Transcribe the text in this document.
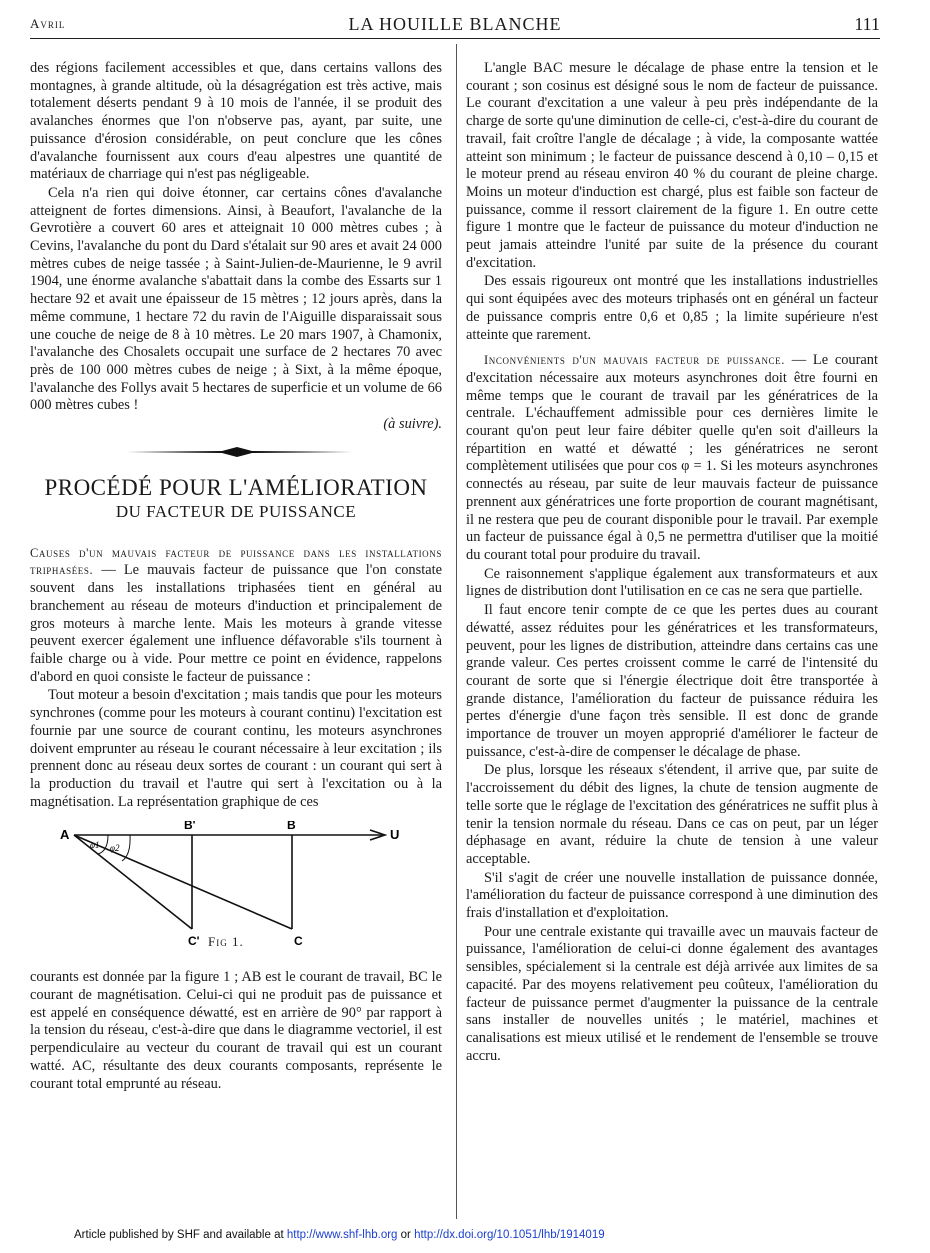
Avril	LA HOUILLE BLANCHE	111

des régions facilement accessibles et que, dans certains vallons des montagnes, à grande altitude, où la désagrégation est très active, mais totalement déserts pendant 9 à 10 mois de l'année, il se produit des avalanches énormes que l'on n'observe pas, ayant, par suite, une puissance d'érosion considérable, on peut conclure que les cônes d'avalanche fournissent aux cours d'eau alpestres une quantité de matériaux de charriage qui n'est pas négligeable.

Cela n'a rien qui doive étonner, car certains cônes d'avalanche atteignent de fortes dimensions. Ainsi, à Beaufort, l'avalanche de la Gevrotière a couvert 60 ares et atteignait 10 000 mètres cubes ; à Cevins, l'avalanche du pont du Dard s'étalait sur 90 ares et avait 24 000 mètres cubes de neige tassée ; à Saint-Julien-de-Maurienne, le 9 avril 1904, une énorme avalanche s'abattait dans la combe des Essarts sur 1 hectare 92 et avait une épaisseur de 15 mètres ; 12 jours après, dans la même commune, 1 hectare 72 du ravin de l'Aiguille disparaissait sous une couche de neige de 8 à 10 mètres. Le 20 mars 1907, à Chamonix, l'avalanche des Chosalets occupait une surface de 2 hectares 70 avec près de 100 000 mètres cubes de neige ; à Sixt, à la même époque, l'avalanche des Follys avait 5 hectares de superficie et un volume de 66 000 mètres cubes !

(à suivre).

PROCÉDÉ POUR L'AMÉLIORATION
DU FACTEUR DE PUISSANCE

Causes d'un mauvais facteur de puissance dans les installations triphasées. — Le mauvais facteur de puissance que l'on constate souvent dans les installations triphasées tient en général au branchement au réseau de moteurs d'induction et principalement de gros moteurs à marche lente. Mais les moteurs à grande vitesse peuvent exercer également une influence défavorable s'ils tournent à faible charge ou à vide. Pour mettre ce point en évidence, rappelons d'abord en quoi consiste le facteur de puissance :

Tout moteur a besoin d'excitation ; mais tandis que pour les moteurs synchrones (comme pour les moteurs à courant continu) l'excitation est fournie par une source de courant continu, les moteurs asynchrones doivent emprunter au réseau le courant nécessaire à leur excitation ; ils prennent donc au réseau deux sortes de courant : un courant qui sert à la production du travail et l'autre qui sert à l'excitation ou à la magnétisation. La représentation graphique de ces

A
B'	B
U
C'	C
φ1 φ2
Fig 1.

courants est donnée par la figure 1 ; AB est le courant de travail, BC le courant de magnétisation. Celui-ci qui ne produit pas de puissance et est appelé en conséquence déwatté, est en arrière de 90° par rapport à la tension du réseau, c'est-à-dire que dans le diagramme vectoriel, il est perpendiculaire au vecteur du courant de travail qui est un courant watté. AC, résultante des deux courants composants, représente le courant total emprunté au réseau.

L'angle BAC mesure le décalage de phase entre la tension et le courant ; son cosinus est désigné sous le nom de facteur de puissance. Le courant d'excitation a une valeur à peu près indépendante de la charge de sorte qu'une diminution de celle-ci, c'est-à-dire du courant de travail, fait croître l'angle de décalage ; à vide, la composante wattée atteint son minimum ; le facteur de puissance descend à 0,10 – 0,15 et le moteur prend au réseau environ 40 % du courant de pleine charge. Moins un moteur d'induction est chargé, plus est faible son facteur de puissance, comme il ressort clairement de la figure 1. En outre cette figure 1 montre que le facteur de puissance du moteur d'induction ne peut jamais atteindre l'unité par suite de la présence du courant d'excitation.

Des essais rigoureux ont montré que les installations industrielles qui sont équipées avec des moteurs triphasés ont en général un facteur de puissance compris entre 0,6 et 0,85 ; la limite supérieure n'est atteinte que rarement.

Inconvénients d'un mauvais facteur de puissance. — Le courant d'excitation nécessaire aux moteurs asynchrones doit être fourni en même temps que le courant de travail par les génératrices de la centrale. L'échauffement admissible pour ces dernières limite le courant qu'on peut leur faire débiter quelle qu'en soit d'ailleurs la répartition en watté et déwatté ; les génératrices ne seront complètement utilisées que pour cos φ = 1. Si les moteurs asynchrones connectés au réseau, par suite de leur mauvais facteur de puissance prennent aux génératrices une forte proportion de courant magnétisant, il ne restera que peu de courant disponible pour le travail. Par exemple un facteur de puissance égal à 0,5 ne permettra d'utiliser que la moitié du courant total pour produire du travail.

Ce raisonnement s'applique également aux transformateurs et aux lignes de distribution dont l'utilisation en ce cas ne sera que partielle.

Il faut encore tenir compte de ce que les pertes dues au courant déwatté, assez réduites pour les génératrices et les transformateurs, peuvent, pour les lignes de distribution, atteindre dans certains cas une grande valeur. Ces pertes croissent comme le carré de l'intensité du courant de sorte que si l'énergie électrique doit être transportée à grande distance, l'amélioration du facteur de puissance réduira les pertes d'énergie d'une façon très sensible. Il est donc de grande importance de trouver un moyen approprié d'améliorer le facteur de puissance, c'est-à-dire de compenser le décalage de phase.

De plus, lorsque les réseaux s'étendent, il arrive que, par suite de l'accroissement du débit des lignes, la chute de tension augmente de telle sorte que le réglage de l'excitation des génératrices ne suffit plus à tenir la tension normale du réseau. Dans ce cas on peut, par un léger déphasage en avant, réduire la chute de tension à une valeur acceptable.

S'il s'agit de créer une nouvelle installation de puissance donnée, l'amélioration du facteur de puissance correspond à une diminution des frais d'installation et d'exploitation.

Pour une centrale existante qui travaille avec un mauvais facteur de puissance, l'amélioration de celui-ci donne également des avantages sensibles, spécialement si la centrale est déjà arrivée aux limites de sa capacité. Par des moyens relativement peu coûteux, l'amélioration du facteur de puissance permet d'augmenter la puissance de la centrale sans installer de nouvelles unités ; le matériel, machines et canalisations est mieux utilisé et le rendement de l'ensemble se trouve accru.

Article published by SHF and available at http://www.shf-lhb.org or http://dx.doi.org/10.1051/lhb/1914019
